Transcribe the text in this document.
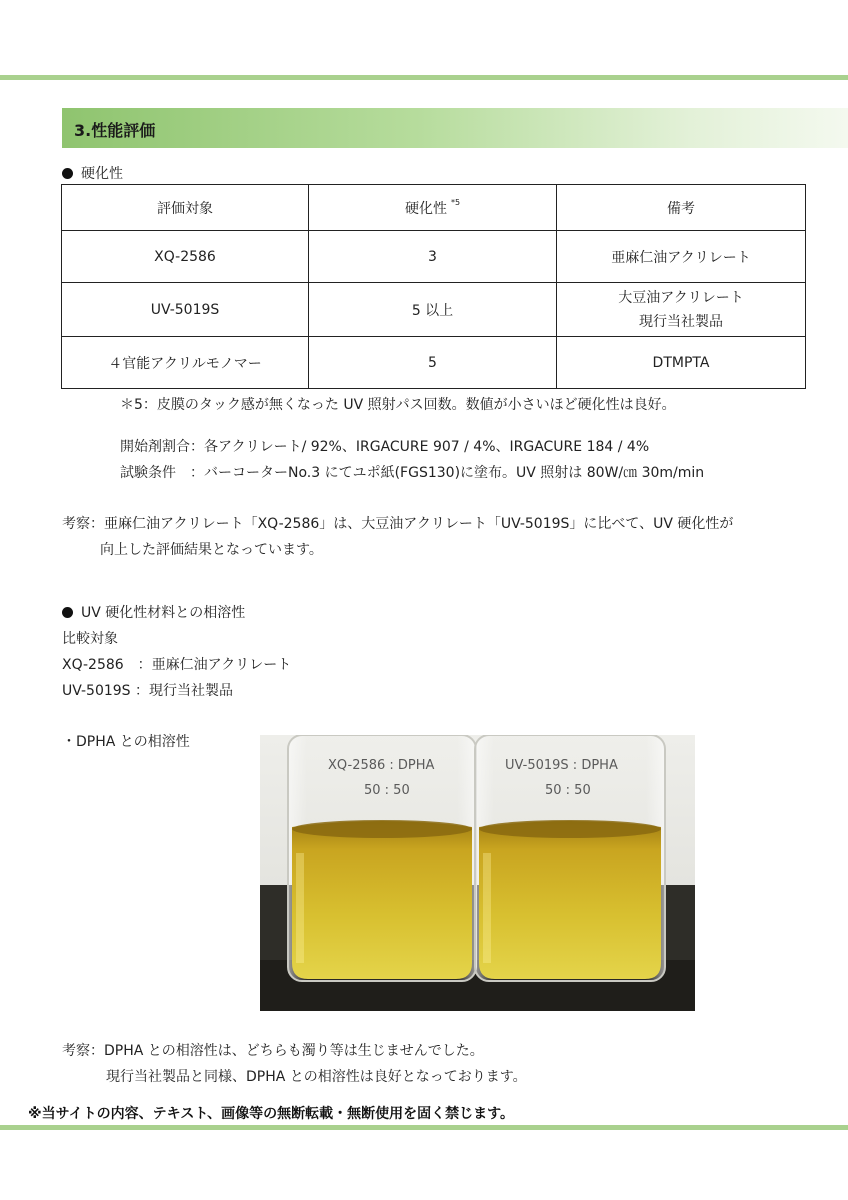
3.性能評価
硬化性
評価対象	硬化性 $^{*5}$	備考
XQ-2586	3	亜麻仁油アクリレート
UV-5019S	5 以上	大豆油アクリレート
現行当社製品

４官能アクリルモノマー	5	DTMPTA
＊5：皮膜のタック感が無くなった UV 照射パス回数。数値が小さいほど硬化性は良好。
開始剤割合：各アクリレート/ 92%、IRGACURE 907 / 4%、IRGACURE 184 / 4%
試験条件　：バーコーターNo.3 にてユポ紙(FGS130)に塗布。UV 照射は 80W/㎝ 30m/min
考察：亜麻仁油アクリレート「XQ-2586」は、大豆油アクリレート「UV-5019S」に比べて、UV 硬化性が
向上した評価結果となっています。
UV 硬化性材料との相溶性
比較対象
XQ-2586　：亜麻仁油アクリレート
UV-5019S ：現行当社製品
・DPHA との相溶性
XQ-2586 : DPHA
50 : 50
UV-5019S : DPHA
50 : 50
考察：DPHA との相溶性は、どちらも濁り等は生じませんでした。
現行当社製品と同様、DPHA との相溶性は良好となっております。
※当サイトの内容、テキスト、画像等の無断転載・無断使用を固く禁じます。
